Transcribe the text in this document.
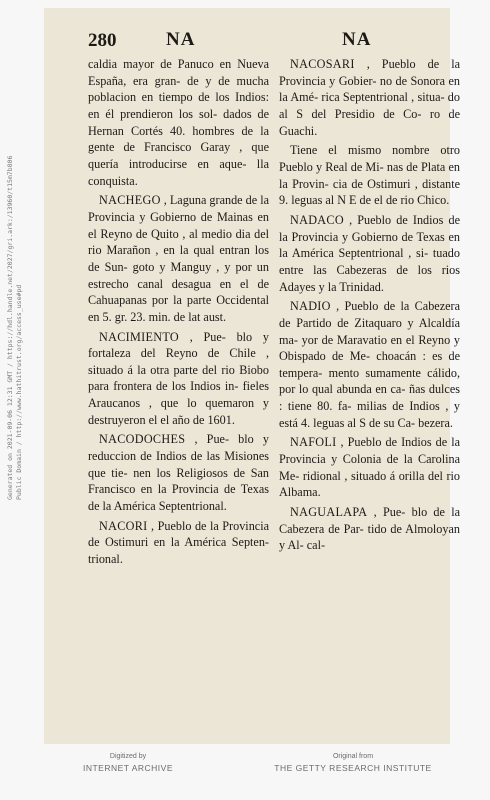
280	NA	NA

caldia mayor de Panuco en Nueva España, era gran- de y de mucha poblacion en tiempo de los Indios: en él prendieron los sol- dados de Hernan Cortés 40. hombres de la gente de Francisco Garay , que quería introducirse en aque- lla conquista.

NACHEGO , Laguna grande de la Provincia y Gobierno de Mainas en el Reyno de Quito , al medio dia del rio Marañon , en la qual entran los de Sun- goto y Manguy , y por un estrecho canal desagua en el de Cahuapanas por la parte Occidental en 5. gr. 23. min. de lat aust.

NACIMIENTO , Pue- blo y fortaleza del Reyno de Chile , situado á la otra parte del rio Biobo para frontera de los Indios in- fieles Araucanos , que lo quemaron y destruyeron el el año de 1601.

NACODOCHES , Pue- blo y reduccion de Indios de las Misiones que tie- nen los Religiosos de San Francisco en la Provincia de Texas de la América Septentrional.

NACORI , Pueblo de la Provincia de Ostimuri en la América Septen- trional.

NACOSARI , Pueblo de la Provincia y Gobier- no de Sonora en la Amé- rica Septentrional , situa- do al S del Presidio de Co- ro de Guachi.

Tiene el mismo nombre otro Pueblo y Real de Mi- nas de Plata en la Provin- cia de Ostimuri , distante 9. leguas al N E de el de rio Chico.

NADACO , Pueblo de Indios de la Provincia y Gobierno de Texas en la América Septentrional , si- tuado entre las Cabezeras de los rios Adayes y la Trinidad.

NADIO , Pueblo de la Cabezera de Partido de Zitaquaro y Alcaldía ma- yor de Maravatio en el Reyno y Obispado de Me- choacán : es de tempera- mento sumamente cálido, por lo qual abunda en ca- ñas dulces : tiene 80. fa- milias de Indios , y está 4. leguas al S de su Ca- bezera.

NAFOLI , Pueblo de Indios de la Provincia y Colonia de la Carolina Me- ridional , situado á orilla del rio Albama.

NAGUALAPA , Pue- blo de la Cabezera de Par- tido de Almoloyan y Al- cal-

Generated on 2021-09-06 12:31 GMT / https://hdl.handle.net/2027/gri.ark:/13960/t15m7b806 Public Domain / http://www.hathitrust.org/access_use#pd
Digitized by
INTERNET ARCHIVE
Original from
THE GETTY RESEARCH INSTITUTE
